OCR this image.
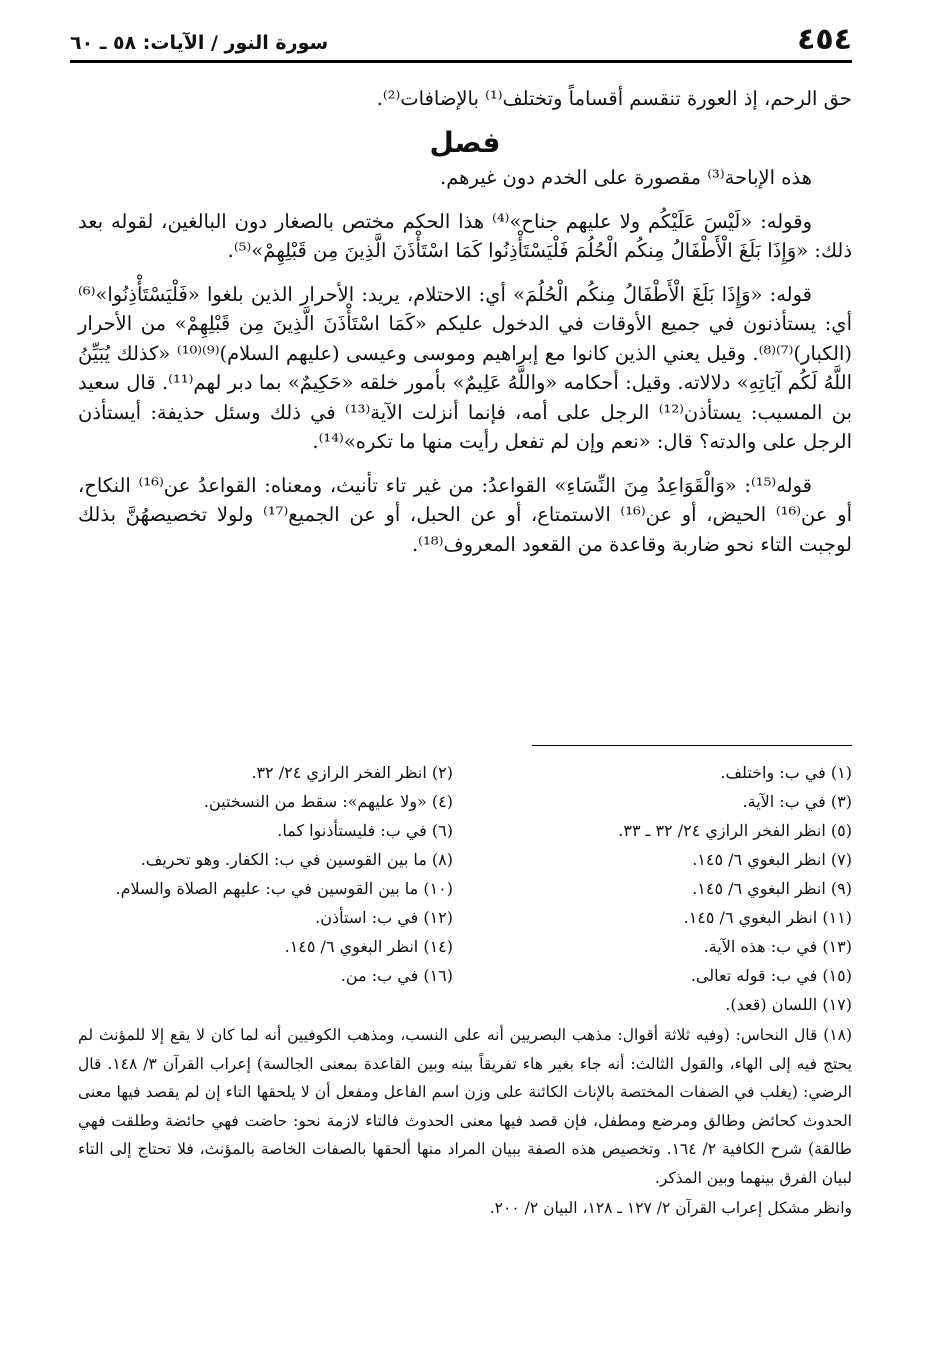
٤٥٤
سورة النور / الآيات: ٥٨ ـ ٦٠

حق الرحم، إذ العورة تنقسم أقساماً وتختلف⁽¹⁾ بالإضافات⁽²⁾.

فصل

هذه الإباحة⁽³⁾ مقصورة على الخدم دون غيرهم.

وقوله: «لَيْسَ عَلَيْكُم ولا عليهم جناح»⁽⁴⁾ هذا الحكم مختص بالصغار دون البالغين، لقوله بعد ذلك: «وَإِذَا بَلَغَ الْأَطْفَالُ مِنكُم الْحُلُمَ فَلْيَسْتَأْذِنُوا كَمَا اسْتَأْذَنَ الَّذِينَ مِن قَبْلِهِمْ»⁽⁵⁾.

قوله: «وَإِذَا بَلَغَ الْأَطْفَالُ مِنكُم الْحُلُمَ» أي: الاحتلام، يريد: الأحرار الذين بلغوا «فَلْيَسْتَأْذِنُوا»⁽⁶⁾ أي: يستأذنون في جميع الأوقات في الدخول عليكم «كَمَا اسْتَأْذَنَ الَّذِينَ مِن قَبْلِهِمْ» من الأحرار (الكبار)⁽⁷⁾⁽⁸⁾. وقيل يعني الذين كانوا مع إبراهيم وموسى وعيسى (عليهم السلام)⁽⁹⁾⁽¹⁰⁾ «كذلك يُبَيِّنُ اللَّهُ لَكُم آيَاتِهِ» دلالاته. وقيل: أحكامه «واللَّهُ عَلِيمٌ» بأمور خلقه «حَكِيمٌ» بما دبر لهم⁽¹¹⁾. قال سعيد بن المسيب: يستأذن⁽¹²⁾ الرجل على أمه، فإنما أنزلت الآية⁽¹³⁾ في ذلك وسئل حذيفة: أيستأذن الرجل على والدته؟ قال: «نعم وإن لم تفعل رأيت منها ما تكره»⁽¹⁴⁾.

قوله⁽¹⁵⁾: «وَالْقَوَاعِدُ مِنَ النِّسَاءِ» القواعدُ: من غير تاء تأنيث، ومعناه: القواعدُ عن⁽¹⁶⁾ النكاح، أو عن⁽¹⁶⁾ الحيض، أو عن⁽¹⁶⁾ الاستمتاع، أو عن الحبل، أو عن الجميع⁽¹⁷⁾ ولولا تخصيصهُنَّ بذلك لوجبت التاء نحو ضاربة وقاعدة من القعود المعروف⁽¹⁸⁾.

(١) في ب: واختلف.
(٢) انظر الفخر الرازي ٢٤/ ٣٢.
(٣) في ب: الآية.
(٤) «ولا عليهم»: سقط من النسختين.
(٥) انظر الفخر الرازي ٢٤/ ٣٢ ـ ٣٣.
(٦) في ب: فليستأذنوا كما.
(٧) انظر البغوي ٦/ ١٤٥.
(٨) ما بين القوسين في ب: الكفار. وهو تحريف.
(٩) انظر البغوي ٦/ ١٤٥.
(١٠) ما بين القوسين في ب: عليهم الصلاة والسلام.
(١١) انظر البغوي ٦/ ١٤٥.
(١٢) في ب: استأذن.
(١٣) في ب: هذه الآية.
(١٤) انظر البغوي ٦/ ١٤٥.
(١٥) في ب: قوله تعالى.
(١٦) في ب: من.
(١٧) اللسان (قعد).
(١٨) قال النحاس: (وفيه ثلاثة أقوال: مذهب البصريين أنه على النسب، ومذهب الكوفيين أنه لما كان لا يقع إلا للمؤنث لم يحتج فيه إلى الهاء، والقول الثالث: أنه جاء بغير هاء تفريقاً بينه وبين القاعدة بمعنى الجالسة) إعراب القرآن ٣/ ١٤٨. قال الرضي: (يغلب في الصفات المختصة بالإناث الكائنة على وزن اسم الفاعل ومفعل أن لا يلحقها التاء إن لم يقصد فيها معنى الحدوث كحائض وطالق ومرضع ومطفل، فإن قصد فيها معنى الحدوث فالتاء لازمة نحو: حاضت فهي حائضة وطلقت فهي طالقة) شرح الكافية ٢/ ١٦٤. وتخصيص هذه الصفة ببيان المراد منها ألحقها بالصفات الخاصة بالمؤنث، فلا تحتاج إلى التاء لبيان الفرق بينهما وبين المذكر.
وانظر مشكل إعراب القرآن ٢/ ١٢٧ ـ ١٢٨، البيان ٢/ ٢٠٠.
